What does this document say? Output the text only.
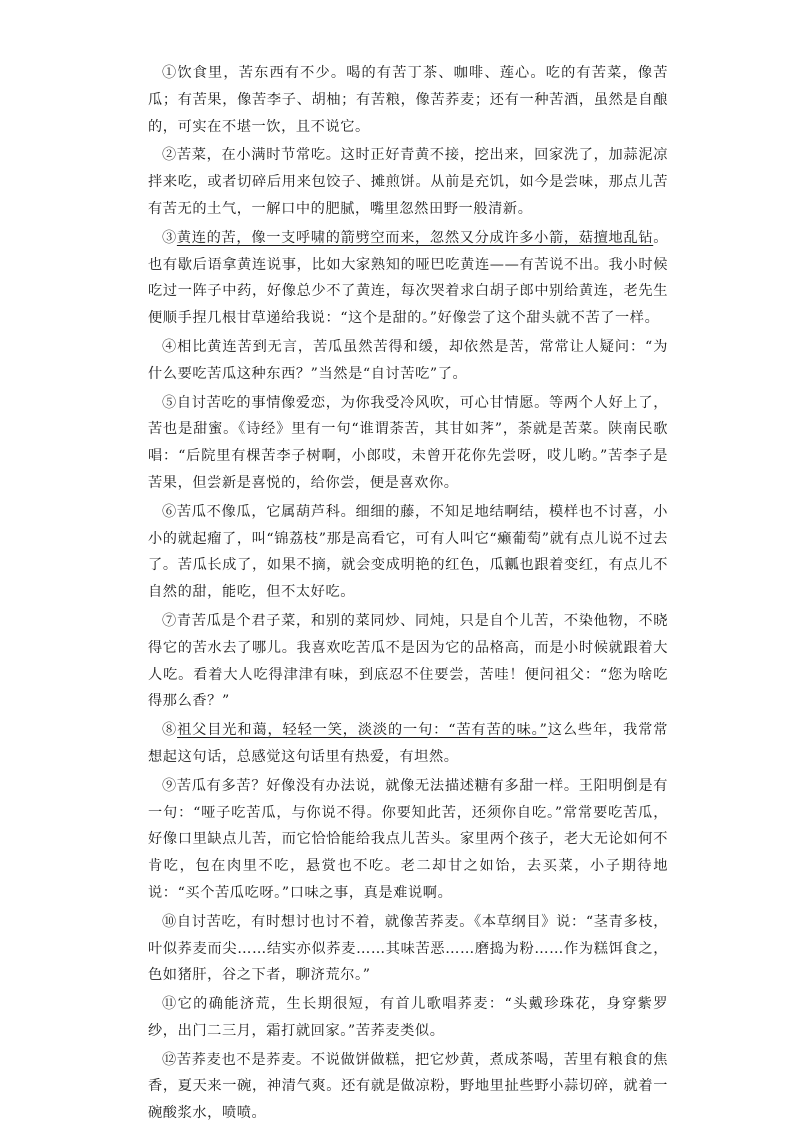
①饮食里，苦东西有不少。喝的有苦丁茶、咖啡、莲心。吃的有苦菜，像苦瓜；有苦果，像苦李子、胡柚；有苦粮，像苦荞麦；还有一种苦酒，虽然是自酿的，可实在不堪一饮，且不说它。

②苦菜，在小满时节常吃。这时正好青黄不接，挖出来，回家洗了，加蒜泥凉拌来吃，或者切碎后用来包饺子、摊煎饼。从前是充饥，如今是尝味，那点儿苦有苦无的土气，一解口中的肥腻，嘴里忽然田野一般清新。

③黄连的苦，像一支呼啸的箭劈空而来，忽然又分成许多小箭，菇擅地乱钻。也有歇后语拿黄连说事，比如大家熟知的哑巴吃黄连——有苦说不出。我小时候吃过一阵子中药，好像总少不了黄连，每次哭着求白胡子郎中别给黄连，老先生便顺手捏几根甘草递给我说：“这个是甜的。”好像尝了这个甜头就不苦了一样。

④相比黄连苦到无言，苦瓜虽然苦得和缓，却依然是苦，常常让人疑问：“为什么要吃苦瓜这种东西？”当然是“自讨苦吃”了。

⑤自讨苦吃的事情像爱恋，为你我受冷风吹，可心甘情愿。等两个人好上了，苦也是甜蜜。《诗经》里有一句“谁谓荼苦，其甘如荠”，荼就是苦菜。陕南民歌唱：“后院里有棵苦李子树啊，小郎哎，未曾开花你先尝呀，哎儿哟。”苦李子是苦果，但尝新是喜悦的，给你尝，便是喜欢你。

⑥苦瓜不像瓜，它属葫芦科。细细的藤，不知足地结啊结，模样也不讨喜，小小的就起瘤了，叫“锦荔枝”那是高看它，可有人叫它“癞葡萄”就有点儿说不过去了。苦瓜长成了，如果不摘，就会变成明艳的红色，瓜瓤也跟着变红，有点儿不自然的甜，能吃，但不太好吃。

⑦青苦瓜是个君子菜，和别的菜同炒、同炖，只是自个儿苦，不染他物，不晓得它的苦水去了哪儿。我喜欢吃苦瓜不是因为它的品格高，而是小时候就跟着大人吃。看着大人吃得津津有味，到底忍不住要尝，苦哇！便问祖父：“您为啥吃得那么香？”

⑧祖父目光和蔼，轻轻一笑，淡淡的一句：“苦有苦的味。”这么些年，我常常想起这句话，总感觉这句话里有热爱，有坦然。

⑨苦瓜有多苦？好像没有办法说，就像无法描述糖有多甜一样。王阳明倒是有一句：“哑子吃苦瓜，与你说不得。你要知此苦，还须你自吃。”常常要吃苦瓜，好像口里缺点儿苦，而它恰恰能给我点儿苦头。家里两个孩子，老大无论如何不肯吃，包在肉里不吃，悬赏也不吃。老二却甘之如饴，去买菜，小子期待地说：“买个苦瓜吃呀。”口味之事，真是难说啊。

⑩自讨苦吃，有时想讨也讨不着，就像苦荞麦。《本草纲目》说：“茎青多枝，叶似荞麦而尖……结实亦似荞麦……其味苦恶……磨捣为粉……作为糕饵食之，色如猪肝，谷之下者，聊济荒尔。”

⑪它的确能济荒，生长期很短，有首儿歌唱荞麦：“头戴珍珠花，身穿紫罗纱，出门二三月，霜打就回家。”苦荞麦类似。

⑫苦荞麦也不是荞麦。不说做饼做糕，把它炒黄，煮成茶喝，苦里有粮食的焦香，夏天来一碗，神清气爽。还有就是做凉粉，野地里扯些野小蒜切碎，就着一碗酸浆水，喷喷。
